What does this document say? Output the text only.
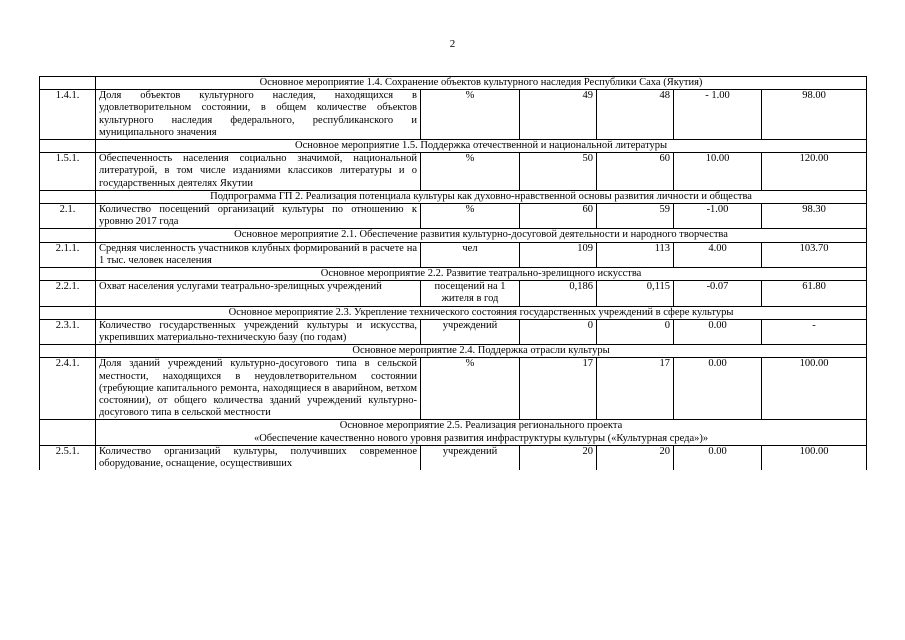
2
	Основное мероприятие 1.4. Сохранение объектов культурного наследия Республики Саха (Якутия)					
1.4.1.	Доля объектов культурного наследия, находящихся в удовлетворительном состоянии, в общем количестве объектов культурного наследия федерального, республиканского и муниципального значения	%	49	48	- 1.00	98.00
	Основное мероприятие 1.5. Поддержка отечественной и национальной литературы					
1.5.1.	Обеспеченность населения социально значимой, национальной литературой, в том числе изданиями классиков литературы и о государственных деятелях Якутии	%	50	60	10.00	120.00
	Подпрограмма ГП 2. Реализация потенциала культуры как духовно-нравственной основы развития личности и общества					
2.1.	Количество посещений организаций культуры по отношению к уровню 2017 года	%	60	59	-1.00	98.30
	Основное мероприятие 2.1. Обеспечение развития культурно-досуговой деятельности и народного творчества					
2.1.1.	Средняя численность участников клубных формирований в расчете на 1 тыс. человек населения	чел	109	113	4.00	103.70
	Основное мероприятие 2.2. Развитие театрально-зрелищного искусства					
2.2.1.	Охват населения услугами театрально-зрелищных учреждений	посещений на 1 жителя в год	0,186	0,115	-0.07	61.80
	Основное мероприятие 2.3. Укрепление технического состояния государственных учреждений в сфере культуры					
2.3.1.	Количество государственных учреждений культуры и искусства, укрепивших материально-техническую базу (по годам)	учреждений	0	0	0.00	-
	Основное мероприятие 2.4. Поддержка отрасли культуры					
2.4.1.	Доля зданий учреждений культурно-досугового типа в сельской местности, находящихся в неудовлетворительном состоянии (требующие капитального ремонта, находящиеся в аварийном, ветхом состоянии), от общего количества зданий учреждений культурно-досугового типа в сельской местности	%	17	17	0.00	100.00

	Основное мероприятие 2.5. Реализация регионального проекта
«Обеспечение качественно нового уровня развития инфраструктуры культуры («Культурная среда»)»					

2.5.1.	Количество организаций культуры, получивших современное оборудование, оснащение, осуществивших	учреждений	20	20	0.00	100.00
